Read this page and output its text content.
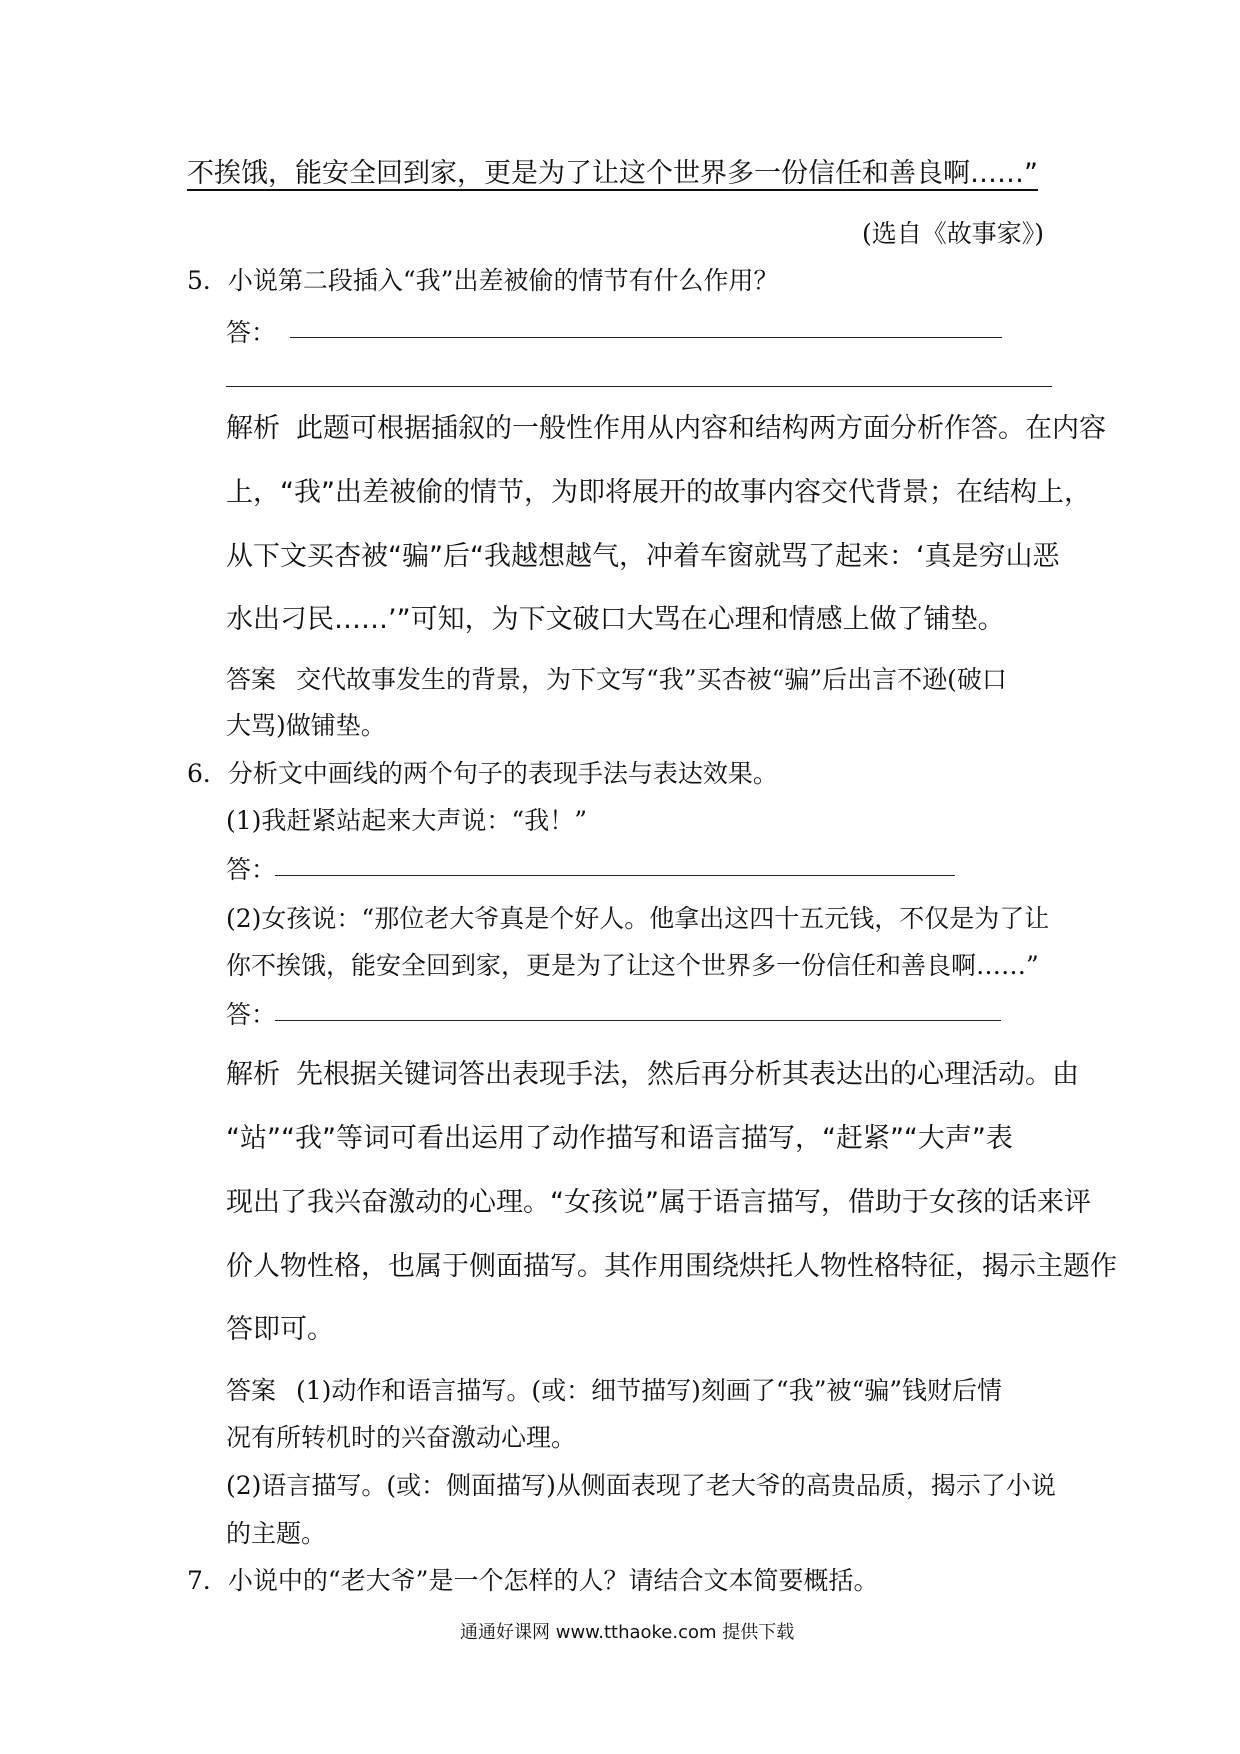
不挨饿，能安全回到家，更是为了让这个世界多一份信任和善良啊……”
(选自《故事家》)
5．小说第二段插入“我”出差被偷的情节有什么作用？
答：
解析 此题可根据插叙的一般性作用从内容和结构两方面分析作答。在内容
上，“我”出差被偷的情节，为即将展开的故事内容交代背景；在结构上，
从下文买杏被“骗”后“我越想越气，冲着车窗就骂了起来：‘真是穷山恶
水出刁民……’”可知，为下文破口大骂在心理和情感上做了铺垫。
答案 交代故事发生的背景，为下文写“我”买杏被“骗”后出言不逊(破口
大骂)做铺垫。
6．分析文中画线的两个句子的表现手法与表达效果。
(1)我赶紧站起来大声说：“我！”
答：
(2)女孩说：“那位老大爷真是个好人。他拿出这四十五元钱，不仅是为了让
你不挨饿，能安全回到家，更是为了让这个世界多一份信任和善良啊……”
答：
解析 先根据关键词答出表现手法，然后再分析其表达出的心理活动。由
“站”“我”等词可看出运用了动作描写和语言描写，“赶紧”“大声”表
现出了我兴奋激动的心理。“女孩说”属于语言描写，借助于女孩的话来评
价人物性格，也属于侧面描写。其作用围绕烘托人物性格特征，揭示主题作
答即可。
答案 (1)动作和语言描写。(或：细节描写)刻画了“我”被“骗”钱财后情
况有所转机时的兴奋激动心理。
(2)语言描写。(或：侧面描写)从侧面表现了老大爷的高贵品质，揭示了小说
的主题。
7．小说中的“老大爷”是一个怎样的人？请结合文本简要概括。
通通好课网 www.tthaoke.com 提供下载
